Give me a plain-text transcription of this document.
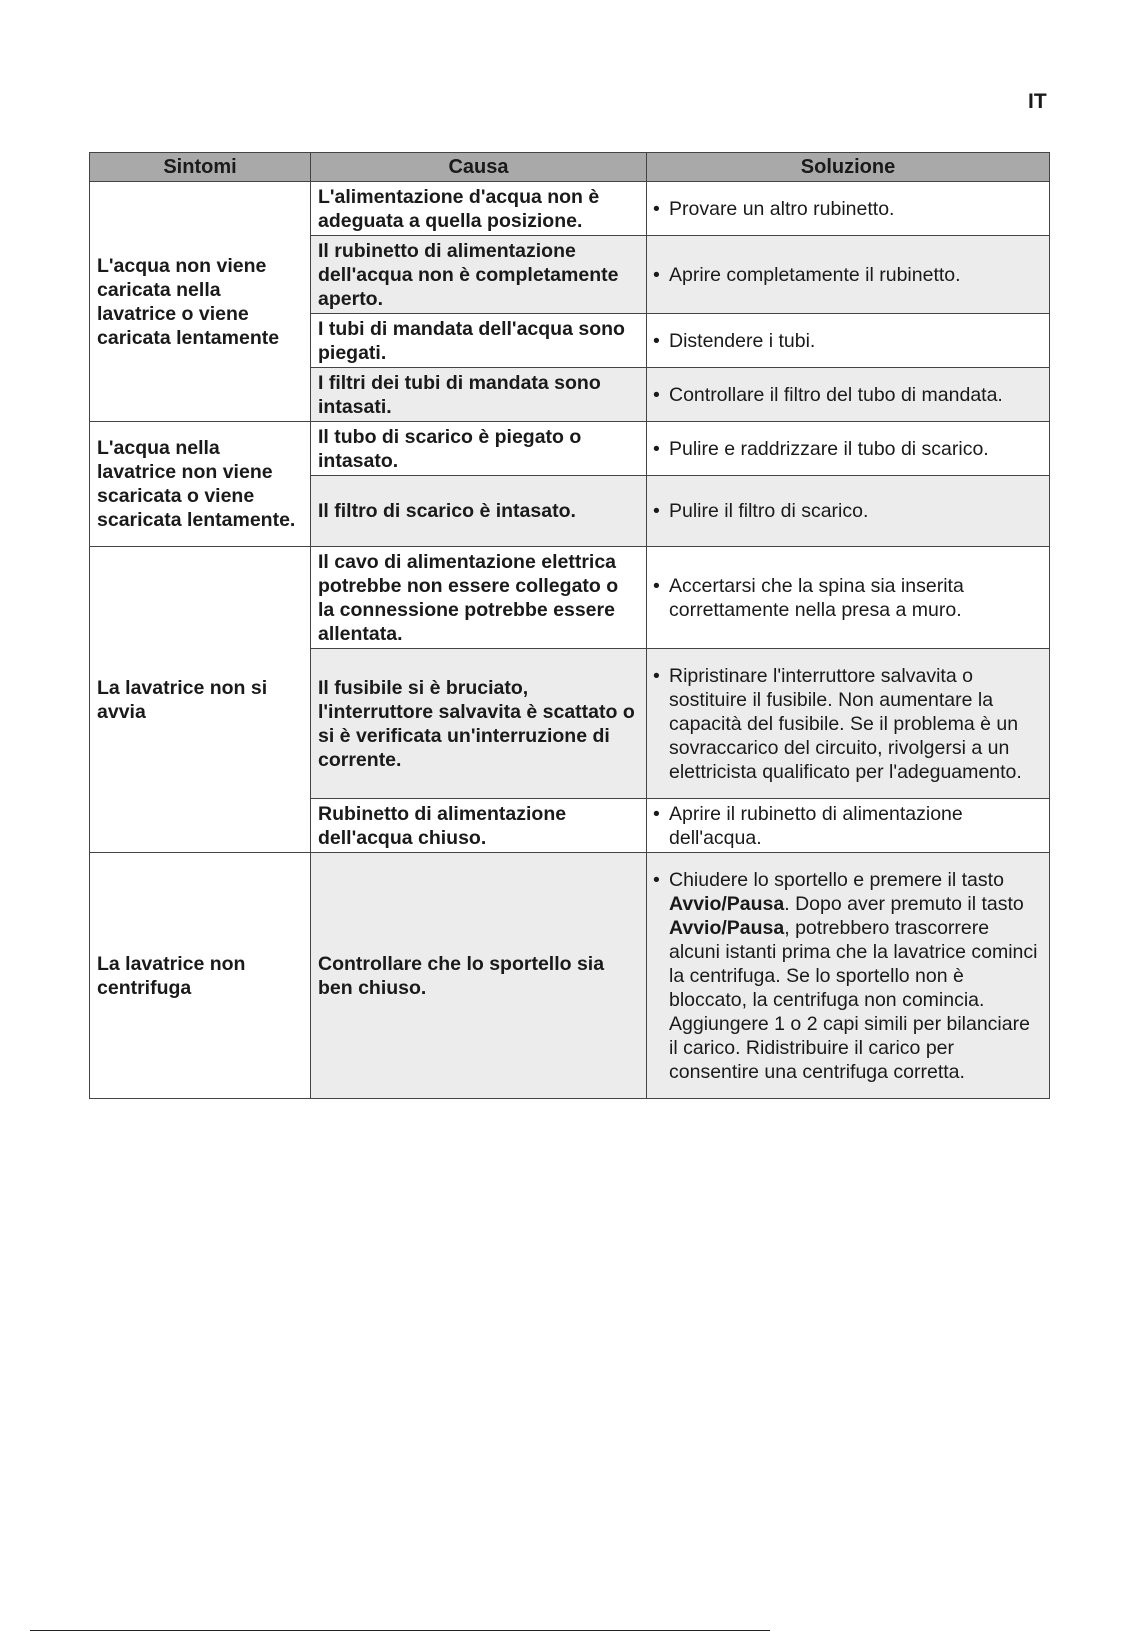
IT
Sintomi	Causa	Soluzione
L'acqua non viene caricata nella lavatrice o viene caricata lentamente	L'alimentazione d'acqua non è adeguata a quella posizione.	• Provare un altro rubinetto.

	Il rubinetto di alimentazione dell'acqua non è completamente aperto.	• Aprire completamente il rubinetto.

	I tubi di mandata dell'acqua sono piegati.	• Distendere i tubi.

	I filtri dei tubi di mandata sono intasati.	• Controllare il filtro del tubo di mandata.

L'acqua nella lavatrice non viene scaricata o viene scaricata lentamente.	Il tubo di scarico è piegato o intasato.	• Pulire e raddrizzare il tubo di scarico.

	Il filtro di scarico è intasato.	• Pulire il filtro di scarico.

La lavatrice non si avvia	Il cavo di alimentazione elettrica potrebbe non essere collegato o la connessione potrebbe essere allentata.	• Accertarsi che la spina sia inserita correttamente nella presa a muro.

	Il fusibile si è bruciato, l'interruttore salvavita è scattato o si è verificata un'interruzione di corrente.	• Ripristinare l'interruttore salvavita o sostituire il fusibile. Non aumentare la capacità del fusibile. Se il problema è un sovraccarico del circuito, rivolgersi a un elettricista qualificato per l'adeguamento.

	Rubinetto di alimentazione dell'acqua chiuso.	• Aprire il rubinetto di alimentazione dell'acqua.

La lavatrice non centrifuga	Controllare che lo sportello sia ben chiuso.	• Chiudere lo sportello e premere il tasto Avvio/Pausa. Dopo aver premuto il tasto Avvio/Pausa, potrebbero trascorrere alcuni istanti prima che la lavatrice cominci la centrifuga. Se lo sportello non è bloccato, la centrifuga non comincia. Aggiungere 1 o 2 capi simili per bilanciare il carico. Ridistribuire il carico per consentire una centrifuga corretta.
